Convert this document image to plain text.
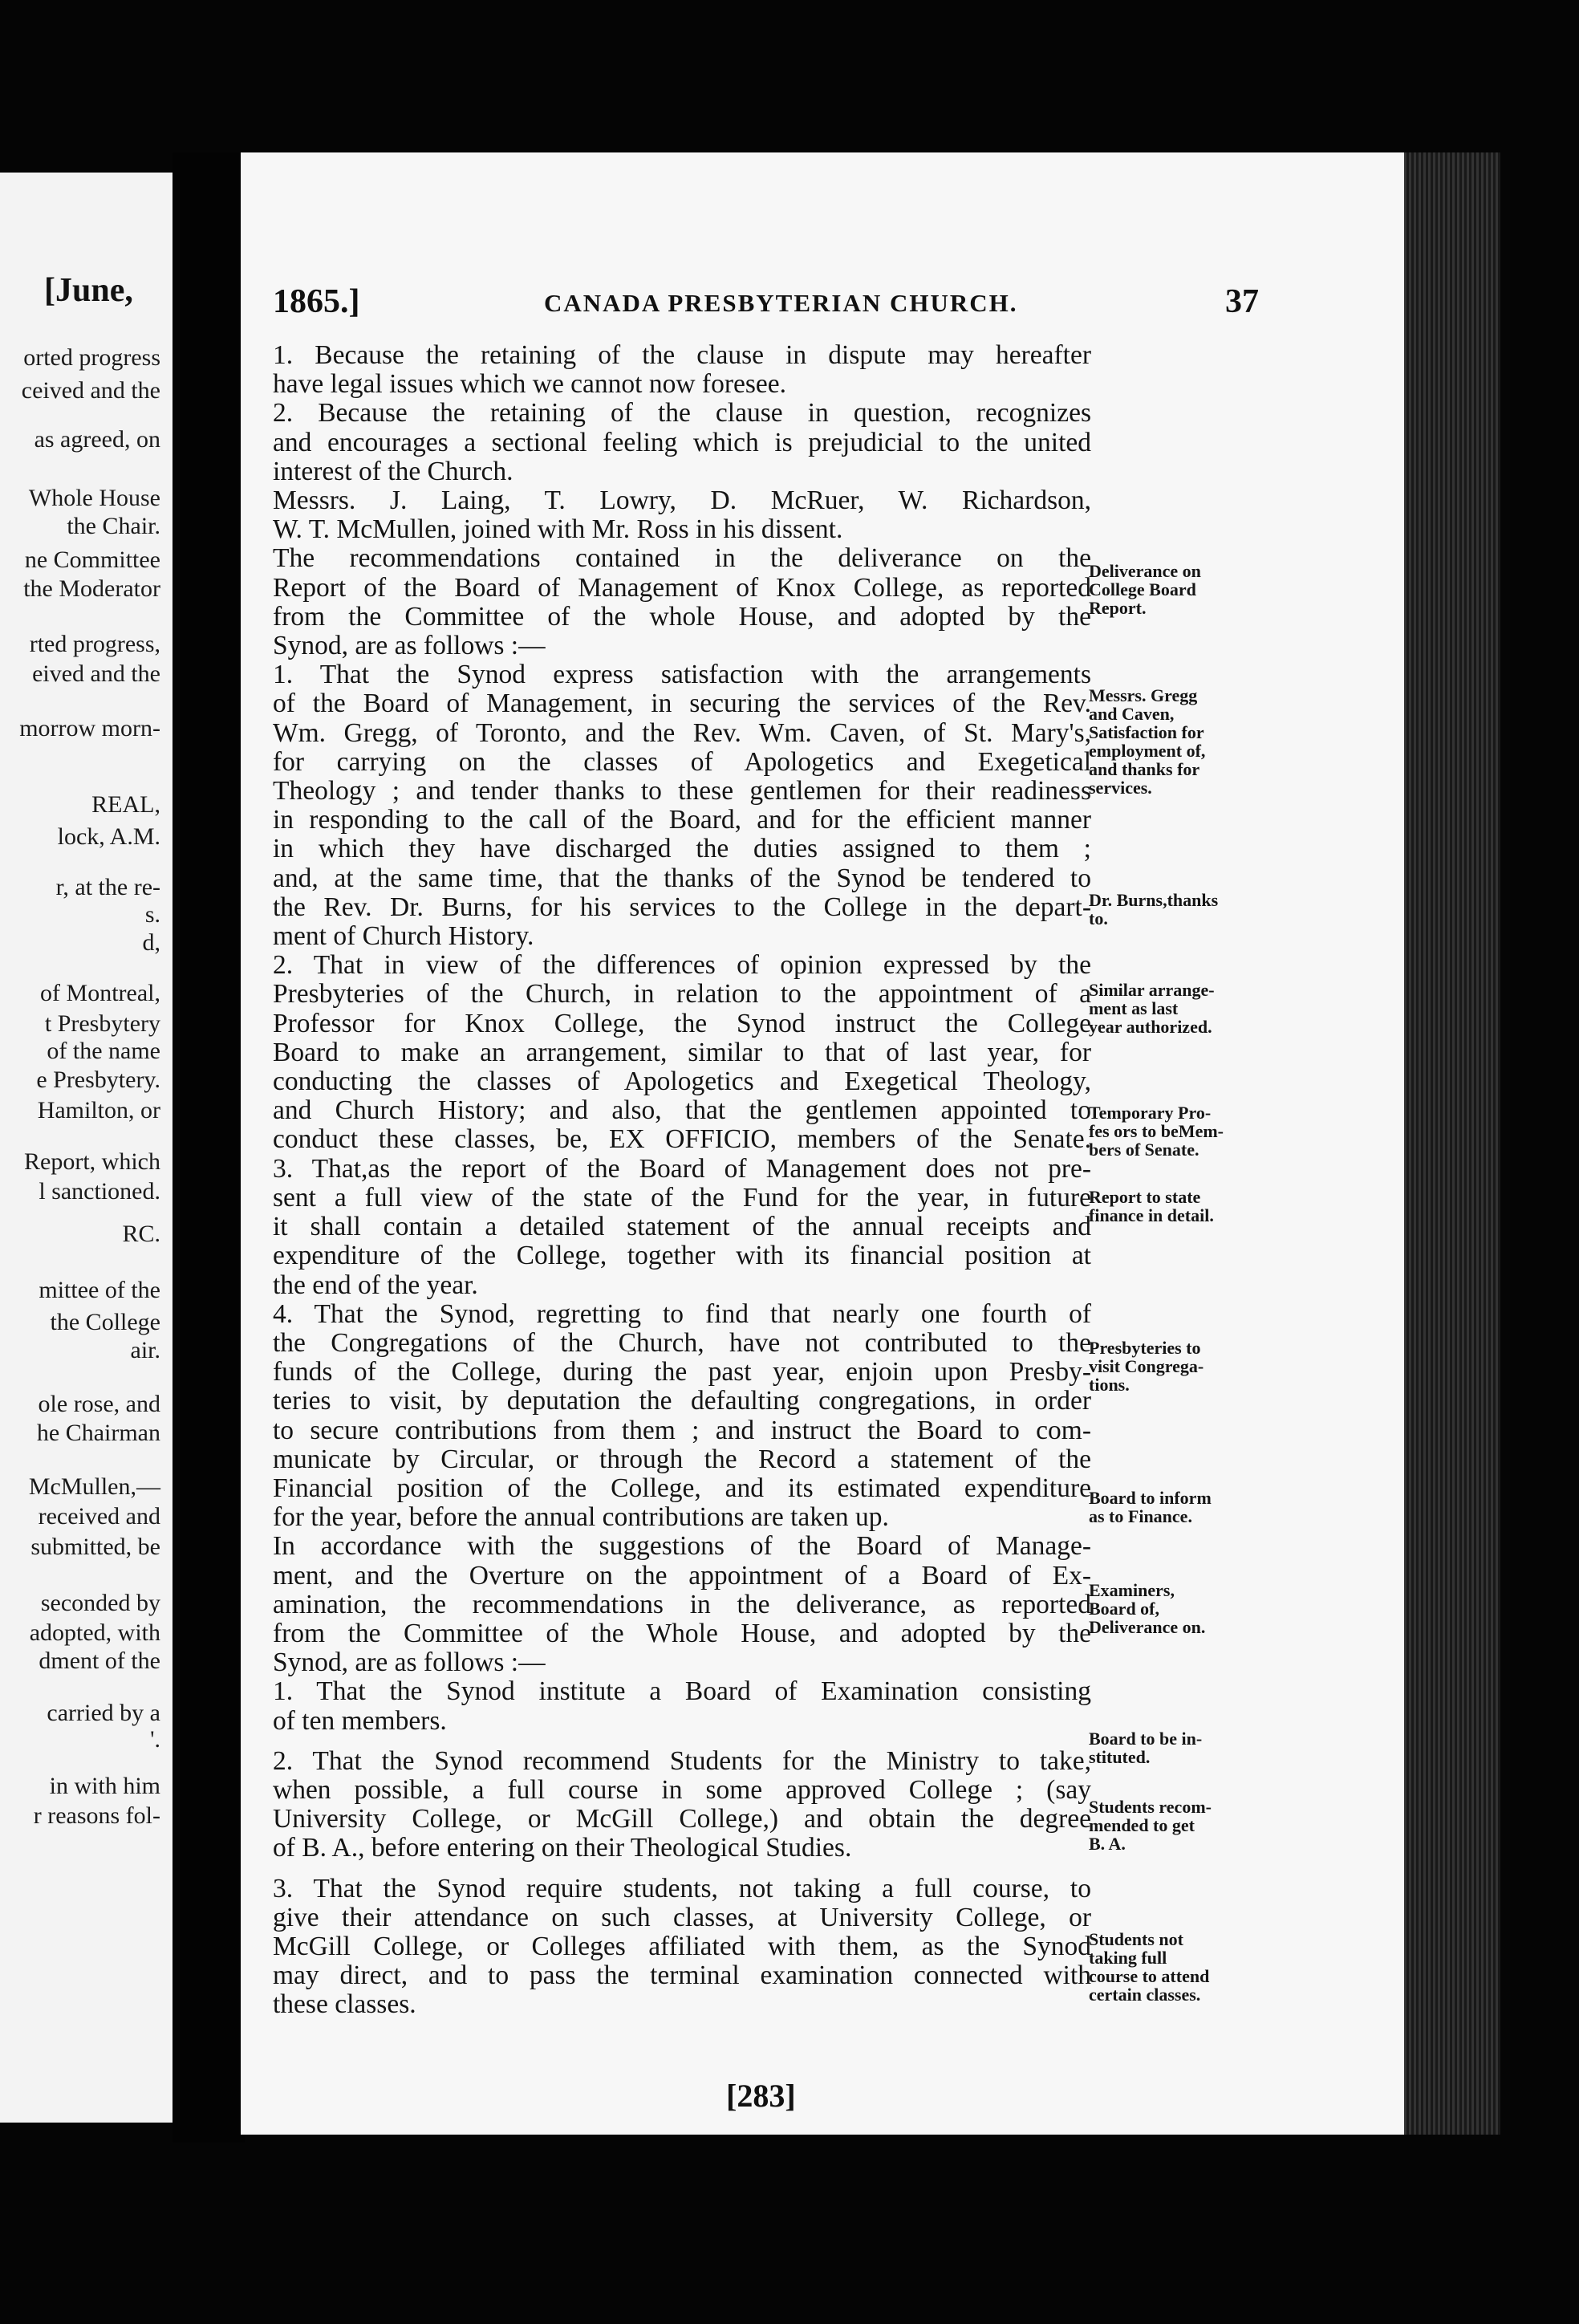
[June,
orted progress
ceived and the
as agreed, on
Whole House
the Chair.
ne Committee
the Moderator
rted progress,
eived and the
morrow morn-
REAL,
lock, A.M.
r, at the re-
s.
d,
of Montreal,
t Presbytery
of the name
e Presbytery.
Hamilton, or
Report, which
l sanctioned.
RC.
mittee of the
the College
air.
ole rose, and
he Chairman
McMullen,—
received and
submitted, be
seconded by
adopted, with
dment of the
carried by a
'.
in with him
r reasons fol-
1865.]	CANADA PRESBYTERIAN CHURCH.	37
1. Because the retaining of the clause in dispute may hereafter
have legal issues which we cannot now foresee.
2. Because the retaining of the clause in question, recognizes
and encourages a sectional feeling which is prejudicial to the united
interest of the Church.
Messrs. J. Laing, T. Lowry, D. McRuer, W. Richardson,
W. T. McMullen, joined with Mr. Ross in his dissent.
The recommendations contained in the deliverance on the
Report of the Board of Management of Knox College, as reported
from the Committee of the whole House, and adopted by the
Synod, are as follows :—
1. That the Synod express satisfaction with the arrangements
of the Board of Management, in securing the services of the Rev.
Wm. Gregg, of Toronto, and the Rev. Wm. Caven, of St. Mary's,
for carrying on the classes of Apologetics and Exegetical
Theology ; and tender thanks to these gentlemen for their readiness
in responding to the call of the Board, and for the efficient manner
in which they have discharged the duties assigned to them ;
and, at the same time, that the thanks of the Synod be tendered to
the Rev. Dr. Burns, for his services to the College in the depart-
ment of Church History.
2. That in view of the differences of opinion expressed by the
Presbyteries of the Church, in relation to the appointment of a
Professor for Knox College, the Synod instruct the College
Board to make an arrangement, similar to that of last year, for
conducting the classes of Apologetics and Exegetical Theology,
and Church History; and also, that the gentlemen appointed to
conduct these classes, be, EX OFFICIO, members of the Senate.
3. That,as the report of the Board of Management does not pre-
sent a full view of the state of the Fund for the year, in future
it shall contain a detailed statement of the annual receipts and
expenditure of the College, together with its financial position at
the end of the year.
4. That the Synod, regretting to find that nearly one fourth of
the Congregations of the Church, have not contributed to the
funds of the College, during the past year, enjoin upon Presby-
teries to visit, by deputation the defaulting congregations, in order
to secure contributions from them ; and instruct the Board to com-
municate by Circular, or through the Record a statement of the
Financial position of the College, and its estimated expenditure
for the year, before the annual contributions are taken up.
In accordance with the suggestions of the Board of Manage-
ment, and the Overture on the appointment of a Board of Ex-
amination, the recommendations in the deliverance, as reported
from the Committee of the Whole House, and adopted by the
Synod, are as follows :—
1. That the Synod institute a Board of Examination consisting
of ten members.
2. That the Synod recommend Students for the Ministry to take,
when possible, a full course in some approved College ; (say
University College, or McGill College,) and obtain the degree
of B. A., before entering on their Theological Studies.
3. That the Synod require students, not taking a full course, to
give their attendance on such classes, at University College, or
McGill College, or Colleges affiliated with them, as the Synod
may direct, and to pass the terminal examination connected with
these classes.
Deliverance on
College Board
Report.
Messrs. Gregg
and Caven,
Satisfaction for
employment of,
and thanks for
services.
Dr. Burns,thanks
to.
Similar arrange-
ment as last
year authorized.
Temporary Pro-
fes ors to beMem-
bers of Senate.
Report to state
finance in detail.
Presbyteries to
visit Congrega-
tions.
Board to inform
as to Finance.
Examiners,
Board of,
Deliverance on.
Board to be in-
stituted.
Students recom-
mended to get
B. A.
Students not
taking full
course to attend
certain classes.
[283]
